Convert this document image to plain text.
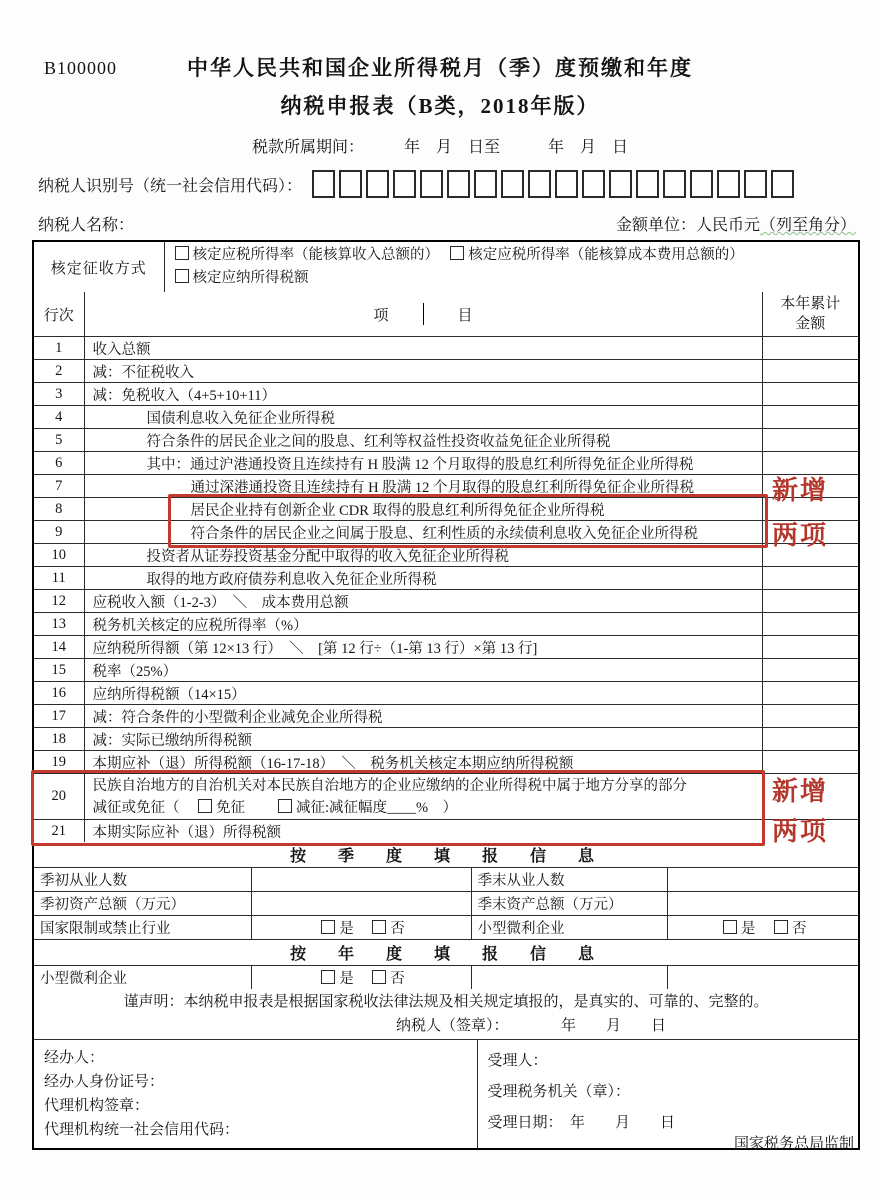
B100000	中华人民共和国企业所得税月（季）度预缴和年度
纳税申报表（B类，2018年版）
税款所属期间：　　　年　月　日至　　　年　月　日
纳税人识别号（统一社会信用代码）：
纳税人名称：	金额单位：人民币元（列至角分）
核定征收方式	
核定应税所得率（能核算收入总额的）　	核定应税所得率（能核算成本费用总额的）
核定应纳所得税额
行次	项	目

本年累计
金额

1	收入总额	
2	减：不征税收入	
3	减：免税收入（4+5+10+11）	
4	国债利息收入免征企业所得税	
5	符合条件的居民企业之间的股息、红利等权益性投资收益免征企业所得税	
6	其中：通过沪港通投资且连续持有 H 股满 12 个月取得的股息红利所得免征企业所得税	
7	通过深港通投资且连续持有 H 股满 12 个月取得的股息红利所得免征企业所得税	
8	居民企业持有创新企业 CDR 取得的股息红利所得免征企业所得税	
9	符合条件的居民企业之间属于股息、红利性质的永续债利息收入免征企业所得税	
10	投资者从证券投资基金分配中取得的收入免征企业所得税	
11	取得的地方政府债券利息收入免征企业所得税	
12	应税收入额（1-2-3）　＼　成本费用总额	
13	税务机关核定的应税所得率（%）	
14	应纳税所得额（第 12×13 行）　＼　[第 12 行÷（1-第 13 行）×第 13 行]	
15	税率（25%）	
16	应纳所得税额（14×15）	
17	减：符合条件的小型微利企业减免企业所得税	
18	减：实际已缴纳所得税额	
19	本期应补（退）所得税额（16-17-18）　＼　税务机关核定本期应纳所得税额	
20	民族自治地方的自治机关对本民族自治地方的企业应缴纳的企业所得税中属于地方分享的部分
减征或免征（　免征　　 减征:减征幅度____%　）	

21	本期实际应补（退）所得税额	
按　季　度　填　报　信　息			
季初从业人数		季末从业人数	
季初资产总额（万元）		季末资产总额（万元）	
国家限制或禁止行业	是　 否	小型微利企业	是　 否
按　年　度　填　报　信　息			
小型微利企业	是　 否		
谨声明：本纳税申报表是根据国家税收法律法规及相关规定填报的，是真实的、可靠的、完整的。
纳税人（签章）：　　　　年　　月　　日

经办人：
经办人身份证号：
代理机构签章：
代理机构统一社会信用代码：

受理人：
受理税务机关（章）：
受理日期：　年　　月　　日
国家税务总局监制
新增
两项
新增
两项
